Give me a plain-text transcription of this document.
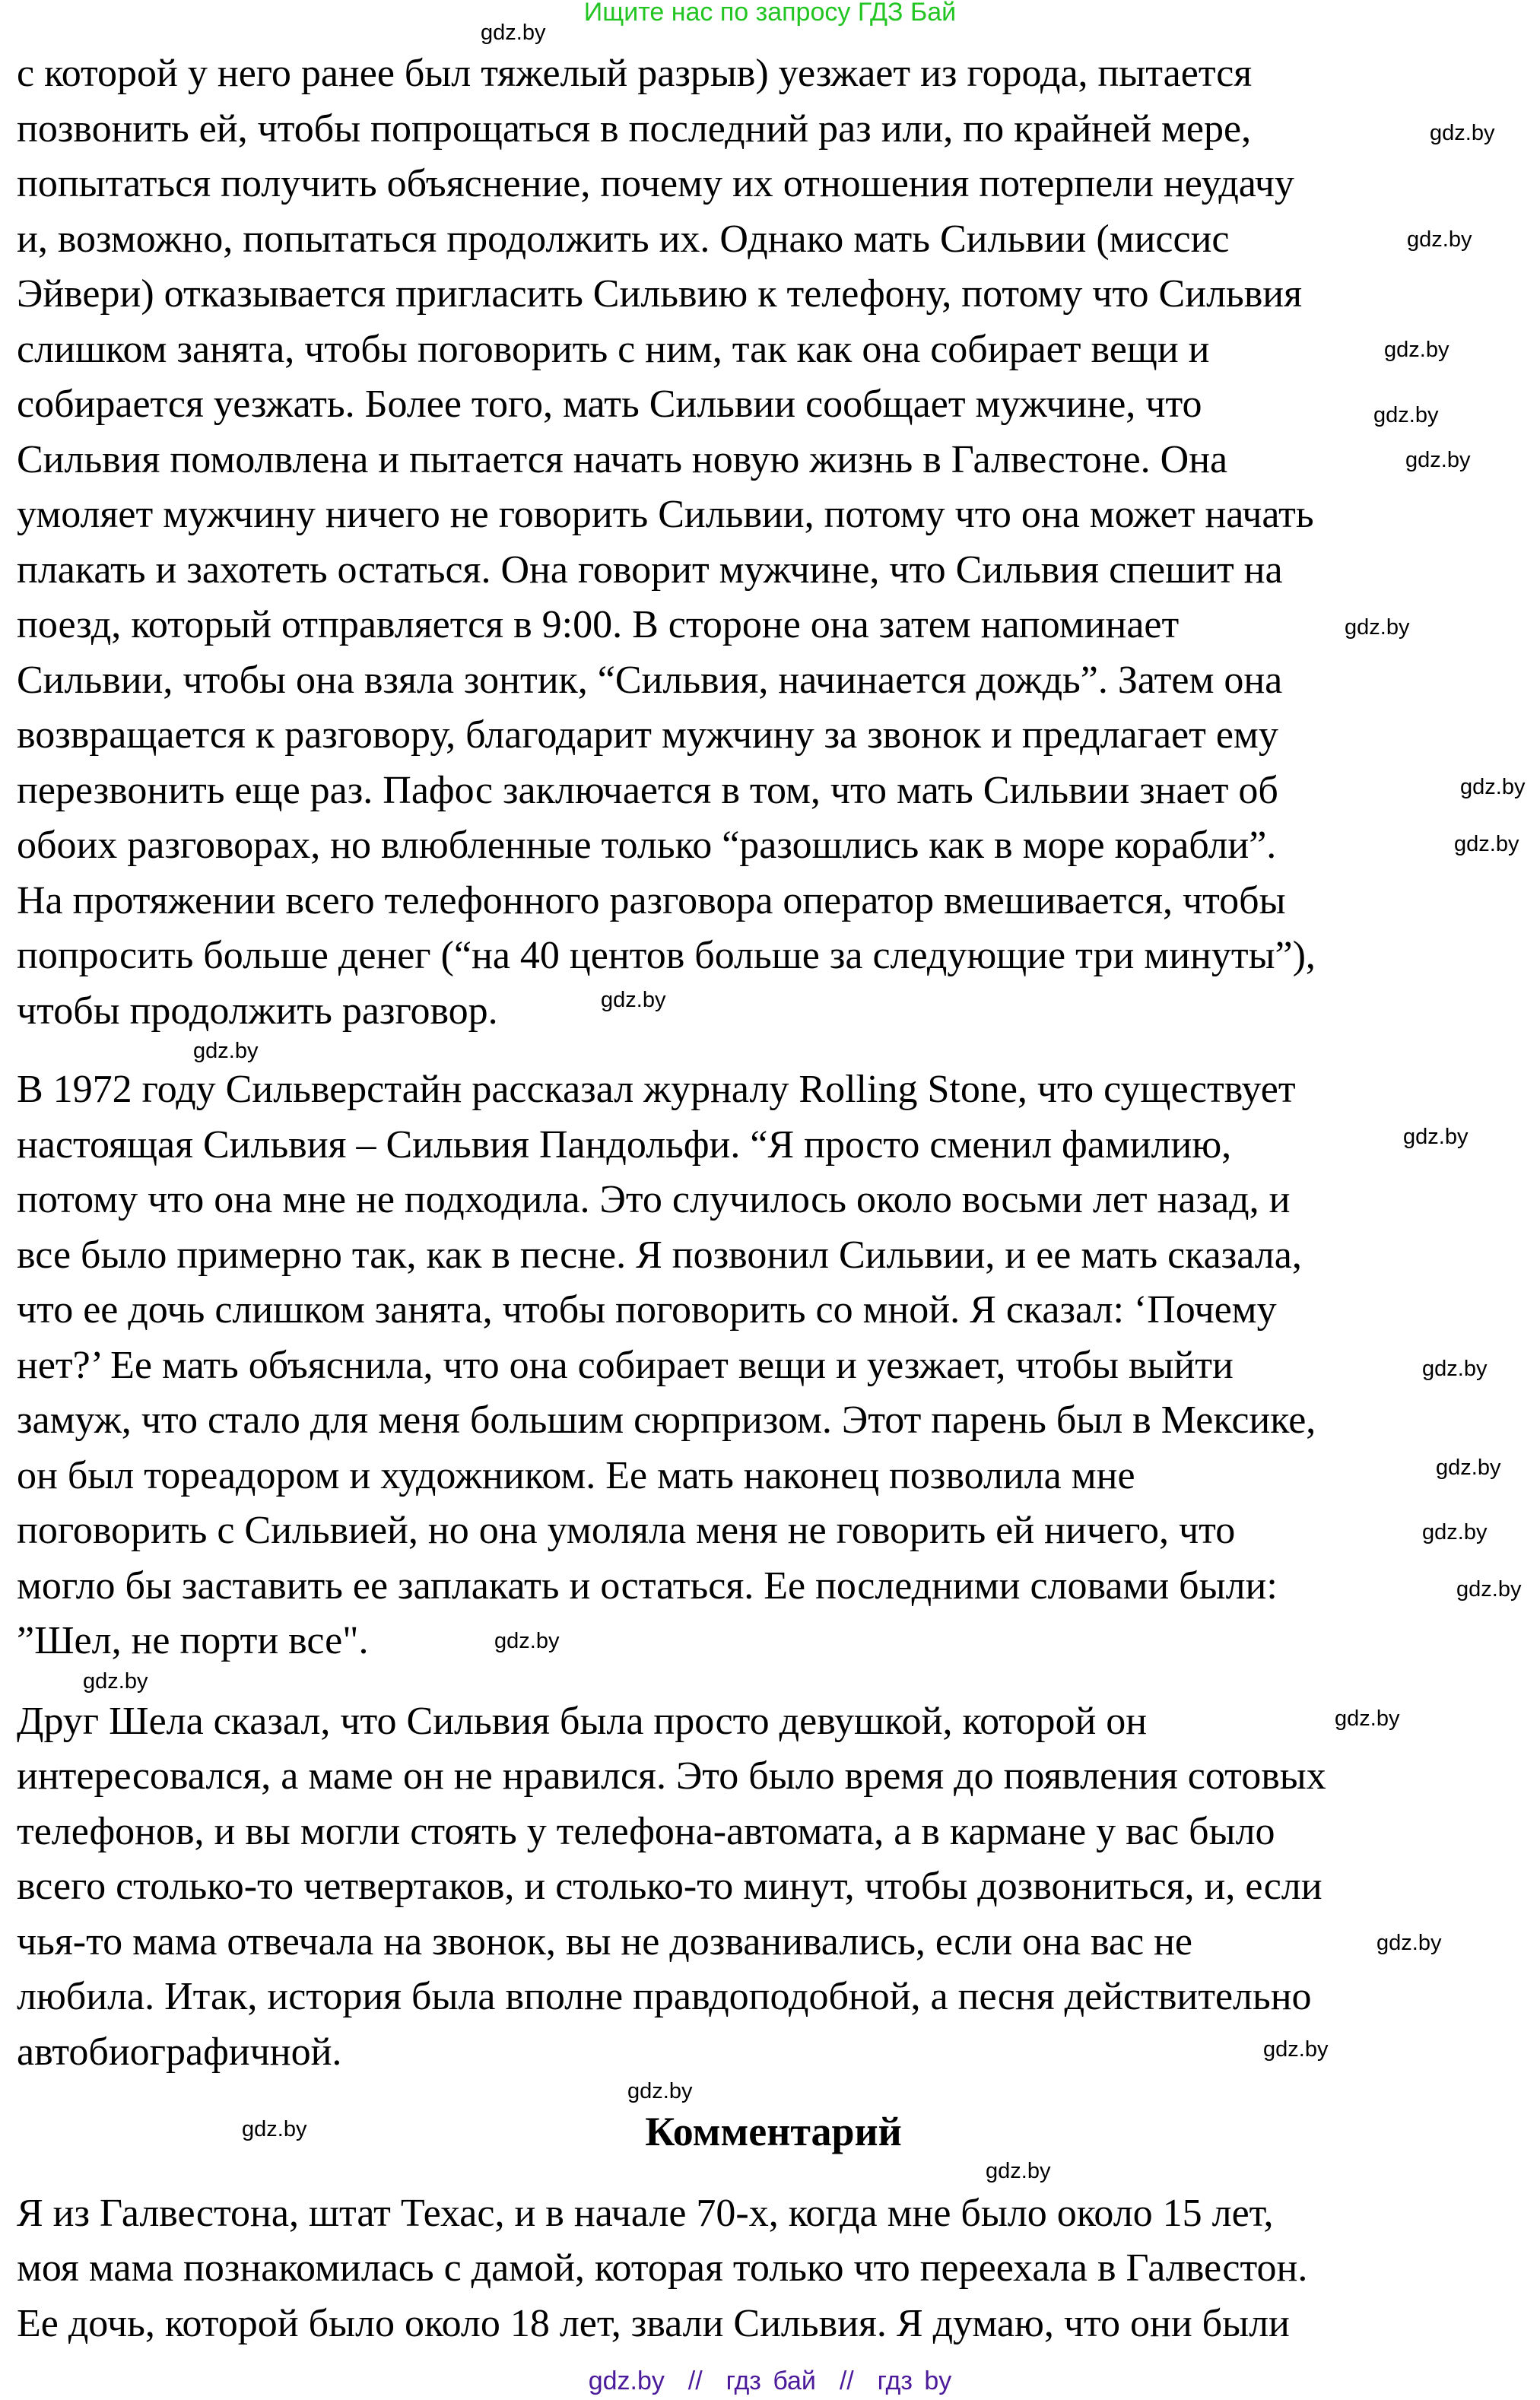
Ищите нас по запросу ГДЗ Бай
с которой у него ранее был тяжелый разрыв) уезжает из города, пытается
позвонить ей, чтобы попрощаться в последний раз или, по крайней мере,
попытаться получить объяснение, почему их отношения потерпели неудачу
и, возможно, попытаться продолжить их. Однако мать Сильвии (миссис
Эйвери) отказывается пригласить Сильвию к телефону, потому что Сильвия
слишком занята, чтобы поговорить с ним, так как она собирает вещи и
собирается уезжать. Более того, мать Сильвии сообщает мужчине, что
Сильвия помолвлена и пытается начать новую жизнь в Галвестоне. Она
умоляет мужчину ничего не говорить Сильвии, потому что она может начать
плакать и захотеть остаться. Она говорит мужчине, что Сильвия спешит на
поезд, который отправляется в 9:00. В стороне она затем напоминает
Сильвии, чтобы она взяла зонтик, “Сильвия, начинается дождь”. Затем она
возвращается к разговору, благодарит мужчину за звонок и предлагает ему
перезвонить еще раз. Пафос заключается в том, что мать Сильвии знает об
обоих разговорах, но влюбленные только “разошлись как в море корабли”.
На протяжении всего телефонного разговора оператор вмешивается, чтобы
попросить больше денег (“на 40 центов больше за следующие три минуты”),
чтобы продолжить разговор.
В 1972 году Сильверстайн рассказал журналу Rolling Stone, что существует
настоящая Сильвия – Сильвия Пандольфи. “Я просто сменил фамилию,
потому что она мне не подходила. Это случилось около восьми лет назад, и
все было примерно так, как в песне. Я позвонил Сильвии, и ее мать сказала,
что ее дочь слишком занята, чтобы поговорить со мной. Я сказал: ‘Почему
нет?’ Ее мать объяснила, что она собирает вещи и уезжает, чтобы выйти
замуж, что стало для меня большим сюрпризом. Этот парень был в Мексике,
он был тореадором и художником. Ее мать наконец позволила мне
поговорить с Сильвией, но она умоляла меня не говорить ей ничего, что
могло бы заставить ее заплакать и остаться. Ее последними словами были:
”Шел, не порти все".
Друг Шела сказал, что Сильвия была просто девушкой, которой он
интересовался, а маме он не нравился. Это было время до появления сотовых
телефонов, и вы могли стоять у телефона-автомата, а в кармане у вас было
всего столько-то четвертаков, и столько-то минут, чтобы дозвониться, и, если
чья-то мама отвечала на звонок, вы не дозванивались, если она вас не
любила. Итак, история была вполне правдоподобной, а песня действительно
автобиографичной.
Комментарий
Я из Галвестона, штат Техас, и в начале 70-х, когда мне было около 15 лет,
моя мама познакомилась с дамой, которая только что переехала в Галвестон.
Ее дочь, которой было около 18 лет, звали Сильвия. Я думаю, что они были
gdz.by
gdz.by
gdz.by
gdz.by
gdz.by
gdz.by
gdz.by
gdz.by
gdz.by
gdz.by
gdz.by
gdz.by
gdz.by
gdz.by
gdz.by
gdz.by
gdz.by
gdz.by
gdz.by
gdz.by
gdz.by
gdz.by
gdz.by
gdz.by
gdz.by  //  гдз бай  //  гдз by
